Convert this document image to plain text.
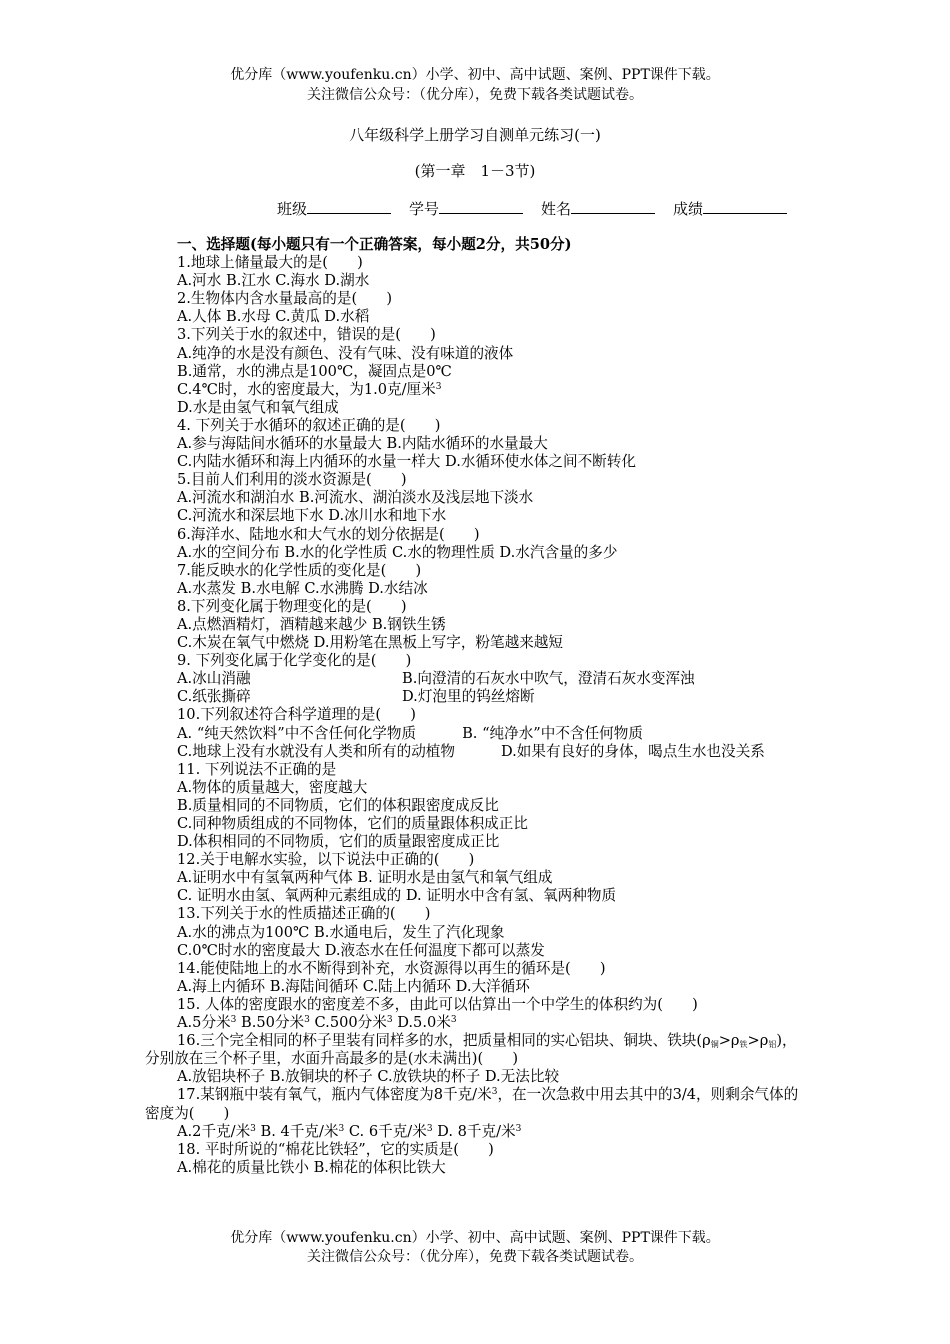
优分库（www.youfenku.cn）小学、初中、高中试题、案例、PPT课件下载。
关注微信公众号：（优分库），免费下载各类试题试卷。
八年级科学上册学习自测单元练习(一)
(第一章　1－3节)
班级	学号	姓名	成绩
一、选择题(每小题只有一个正确答案，每小题2分，共50分)
1.地球上储量最大的是(　　)
A.河水 B.江水 C.海水 D.湖水
2.生物体内含水量最高的是(　　)
A.人体 B.水母 C.黄瓜 D.水稻
3.下列关于水的叙述中，错误的是(　　)
A.纯净的水是没有颜色、没有气味、没有味道的液体
B.通常，水的沸点是100℃，凝固点是0℃
C.4℃时，水的密度最大，为1.0克/厘米$^3$
D.水是由氢气和氧气组成
4. 下列关于水循环的叙述正确的是(　　)
A.参与海陆间水循环的水量最大 B.内陆水循环的水量最大
C.内陆水循环和海上内循环的水量一样大 D.水循环使水体之间不断转化
5.目前人们利用的淡水资源是(　　)
A.河流水和湖泊水 B.河流水、湖泊淡水及浅层地下淡水
C.河流水和深层地下水 D.冰川水和地下水
6.海洋水、陆地水和大气水的划分依据是(　　)
A.水的空间分布 B.水的化学性质 C.水的物理性质 D.水汽含量的多少
7.能反映水的化学性质的变化是(　　)
A.水蒸发 B.水电解 C.水沸腾 D.水结冰
8.下列变化属于物理变化的是(　　)
A.点燃酒精灯，酒精越来越少 B.钢铁生锈
C.木炭在氧气中燃烧 D.用粉笔在黑板上写字，粉笔越来越短
9. 下列变化属于化学变化的是(　　)
A.冰山消融	B.向澄清的石灰水中吹气，澄清石灰水变浑浊
C.纸张撕碎	D.灯泡里的钨丝熔断
10.下列叙述符合科学道理的是(　　)
A. “纯天然饮料”中不含任何化学物质	B. “纯净水”中不含任何物质
C.地球上没有水就没有人类和所有的动植物	D.如果有良好的身体，喝点生水也没关系
11. 下列说法不正确的是
A.物体的质量越大，密度越大
B.质量相同的不同物质，它们的体积跟密度成反比
C.同种物质组成的不同物体，它们的质量跟体积成正比
D.体积相同的不同物质，它们的质量跟密度成正比
12.关于电解水实验，以下说法中正确的(　　)
A.证明水中有氢氧两种气体 B. 证明水是由氢气和氧气组成
C. 证明水由氢、氧两种元素组成的 D. 证明水中含有氢、氧两种物质
13.下列关于水的性质描述正确的(　　)
A.水的沸点为100℃ B.水通电后，发生了汽化现象
C.0℃时水的密度最大 D.液态水在任何温度下都可以蒸发
14.能使陆地上的水不断得到补充，水资源得以再生的循环是(　　)
A.海上内循环 B.海陆间循环 C.陆上内循环 D.大洋循环
15. 人体的密度跟水的密度差不多，由此可以估算出一个中学生的体积约为(　　)
A.5分米$^3$ B.50分米$^3$ C.500分米$^3$ D.5.0米$^3$
16.三个完全相同的杯子里装有同样多的水，把质量相同的实心铝块、铜块、铁块$(\rho_铜>\rho_铁>\rho_铝)$，分别放在三个杯子里，水面升高最多的是(水未满出)(　　)
A.放铝块杯子 B.放铜块的杯子 C.放铁块的杯子 D.无法比较
17.某钢瓶中装有氧气，瓶内气体密度为8千克/米$^3$，在一次急救中用去其中的3/4，则剩余气体的密度为(　　)
A.2千克/米$^3$ B. 4千克/米$^3$ C. 6千克/米$^3$ D. 8千克/米$^3$
18. 平时所说的“棉花比铁轻”，它的实质是(　　)
A.棉花的质量比铁小 B.棉花的体积比铁大
优分库（www.youfenku.cn）小学、初中、高中试题、案例、PPT课件下载。
关注微信公众号：（优分库），免费下载各类试题试卷。
